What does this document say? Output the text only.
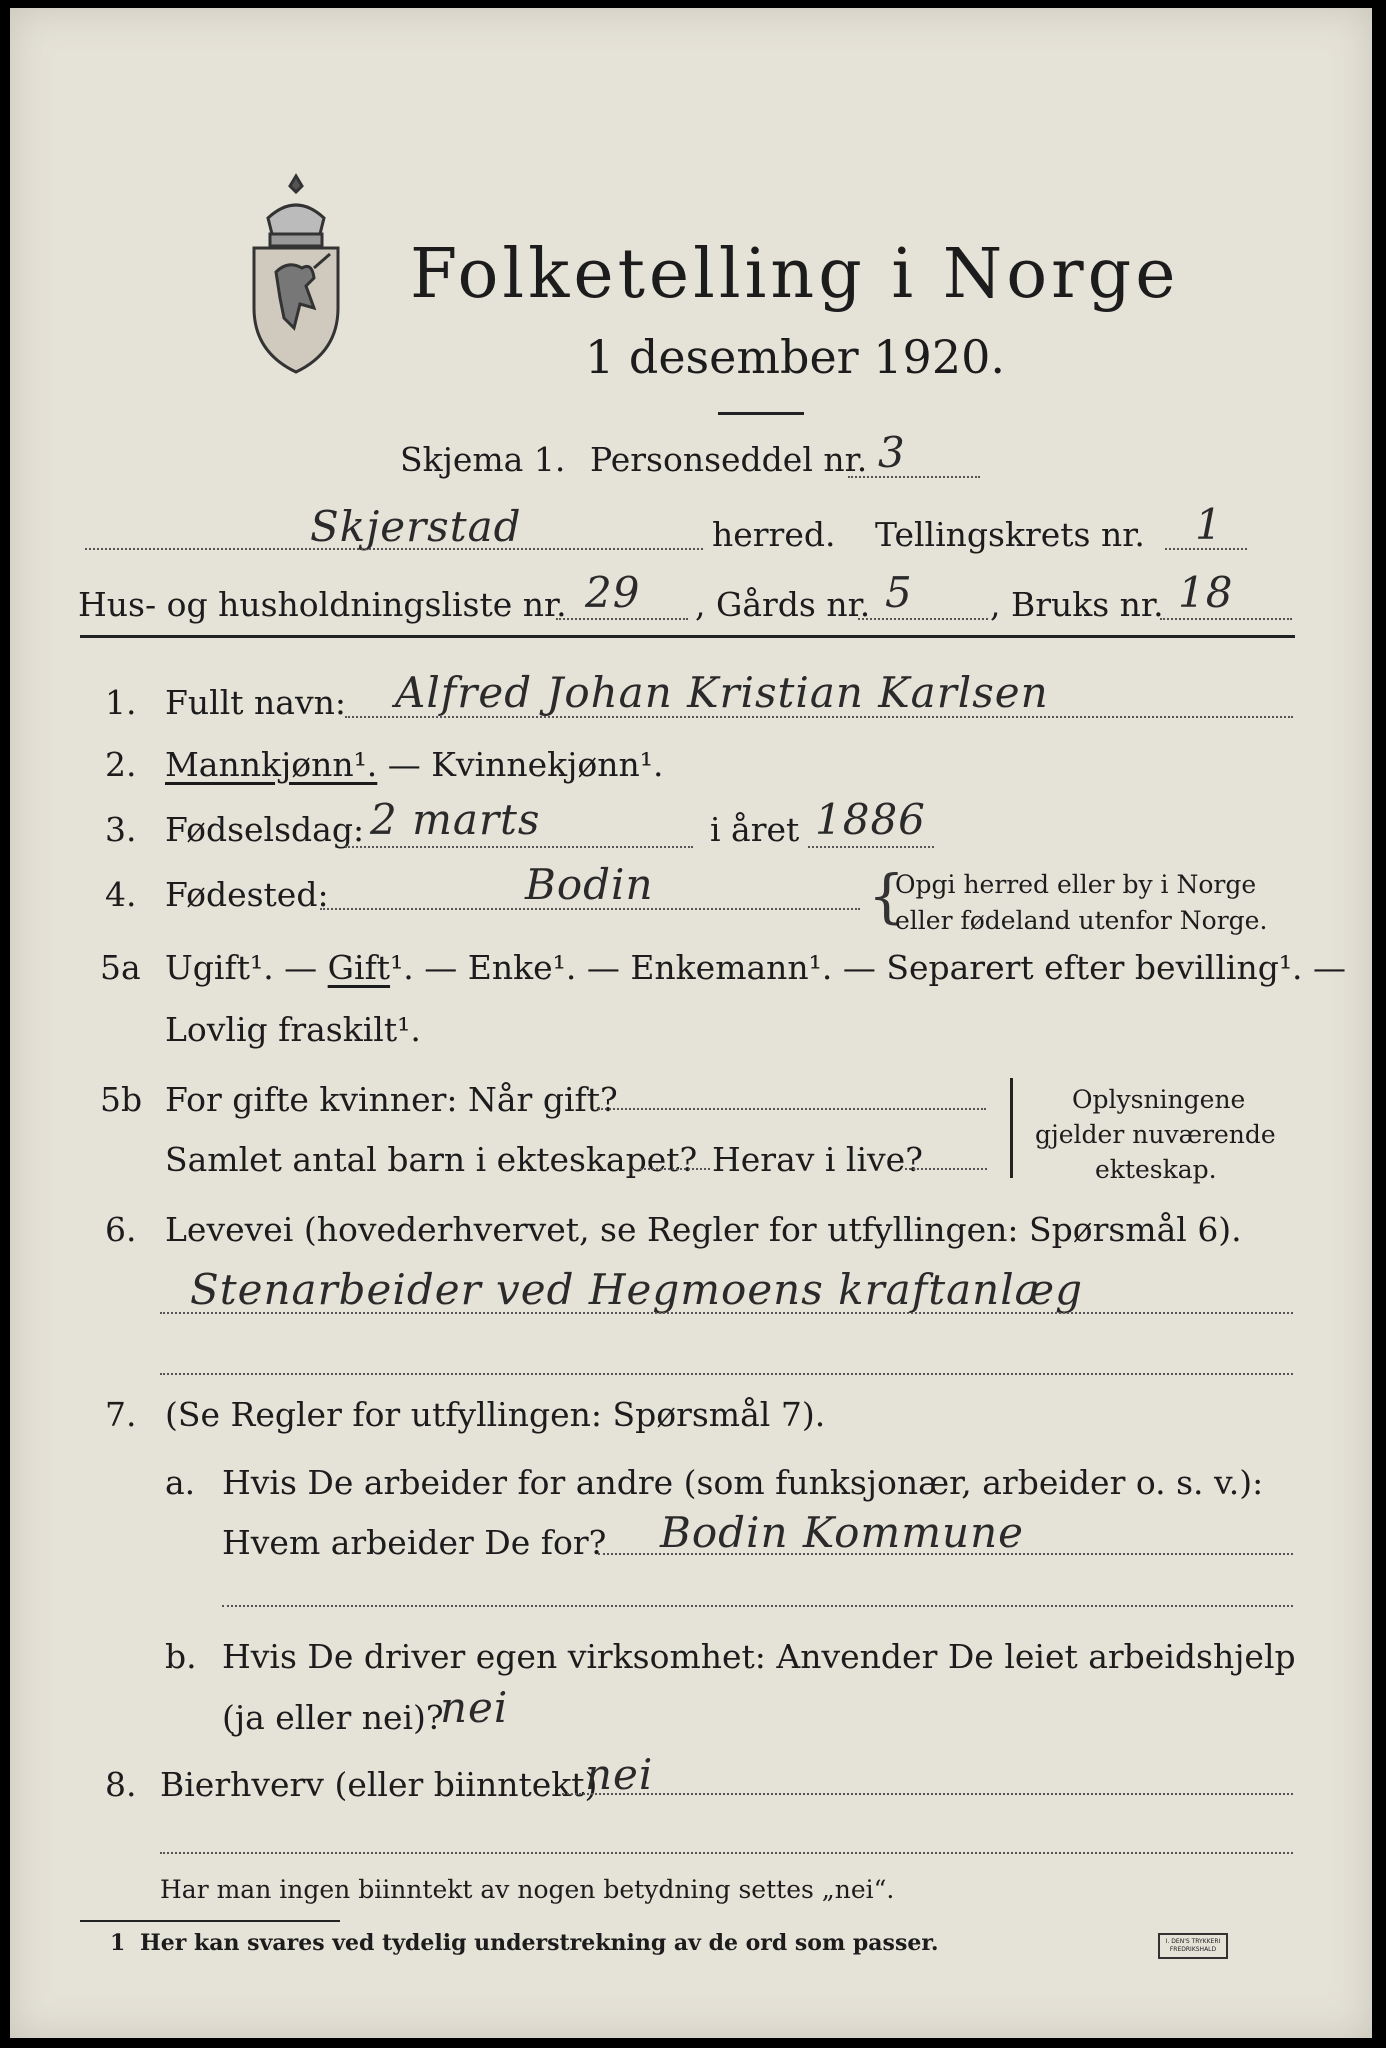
Folketelling i Norge
1 desember 1920.
Skjema 1. Personseddel nr. 3
Skjerstad	herred. Tellingskrets nr. 1
Hus- og husholdningsliste nr. 29 , Gårds nr. 5 , Bruks nr. 18
1. Fullt navn: Alfred Johan Kristian Karlsen
2. Mannkjønn¹. — Kvinnekjønn¹.
3. Fødselsdag: 2 marts	i året 1886
4. Fødested:	Bodin	{
Opgi herred eller by i Norge
eller fødeland utenfor Norge.
5a Ugift¹. — Gift¹. — Enke¹. — Enkemann¹. — Separert efter bevilling¹. —
Lovlig fraskilt¹.
5b For gifte kvinner: Når gift?
Samlet antal barn i ekteskapet? Herav i live?
Oplysningene
gjelder nuværende
ekteskap.
6. Levevei (hovederhvervet, se Regler for utfyllingen: Spørsmål 6).
Stenarbeider ved Hegmoens kraftanlæg
7. (Se Regler for utfyllingen: Spørsmål 7).
a. Hvis De arbeider for andre (som funksjonær, arbeider o. s. v.):
Hvem arbeider De for? Bodin Kommune
b. Hvis De driver egen virksomhet: Anvender De leiet arbeidshjelp
(ja eller nei)?
nei
8. Bierhverv (eller biinntekt)
nei
Har man ingen biinntekt av nogen betydning settes „nei“.
1 Her kan svares ved tydelig understrekning av de ord som passer.	I. DEN'S TRYKKERI
FREDRIKSHALD
